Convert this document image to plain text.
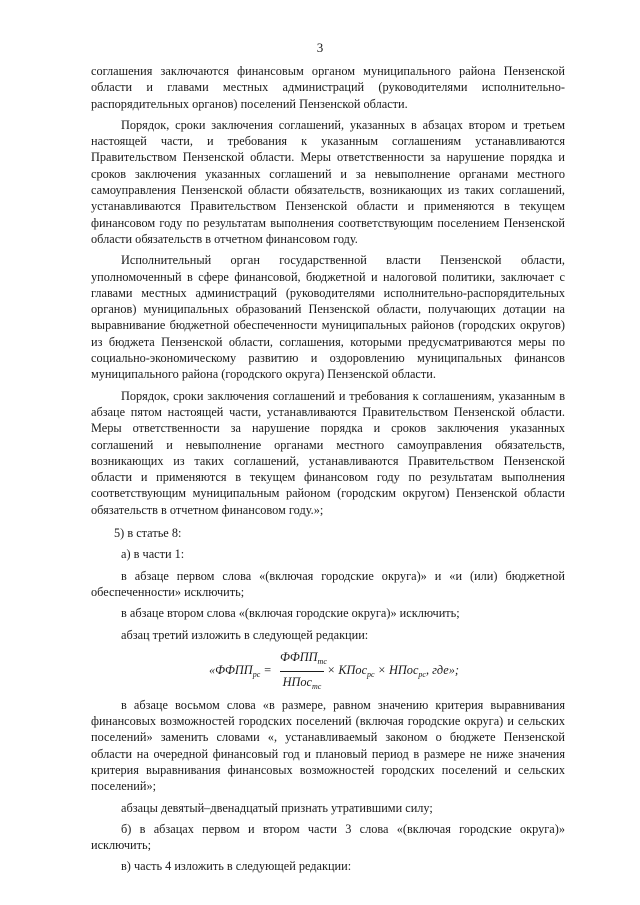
3

соглашения заключаются финансовым органом муниципального района Пензенской области и главами местных администраций (руководителями исполнительно-распорядительных органов) поселений Пензенской области.

Порядок, сроки заключения соглашений, указанных в абзацах втором и третьем настоящей части, и требования к указанным соглашениям устанавливаются Правительством Пензенской области. Меры ответственности за нарушение порядка и сроков заключения указанных соглашений и за невыполнение органами местного самоуправления Пензенской области обязательств, возникающих из таких соглашений, устанавливаются Правительством Пензенской области и применяются в текущем финансовом году по результатам выполнения соответствующим поселением Пензенской области обязательств в отчетном финансовом году.

Исполнительный орган государственной власти Пензенской области, уполномоченный в сфере финансовой, бюджетной и налоговой политики, заключает с главами местных администраций (руководителями исполнительно-распорядительных органов) муниципальных образований Пензенской области, получающих дотации на выравнивание бюджетной обеспеченности муниципальных районов (городских округов) из бюджета Пензенской области, соглашения, которыми предусматриваются меры по социально-экономическому развитию и оздоровлению муниципальных финансов муниципального района (городского округа) Пензенской области.

Порядок, сроки заключения соглашений и требования к соглашениям, указанным в абзаце пятом настоящей части, устанавливаются Правительством Пензенской области. Меры ответственности за нарушение порядка и сроков заключения указанных соглашений и невыполнение органами местного самоуправления обязательств, возникающих из таких соглашений, устанавливаются Правительством Пензенской области и применяются в текущем финансовом году по результатам выполнения соответствующим муниципальным районом (городским округом) Пензенской области обязательств в отчетном финансовом году.»;

5) в статье 8:

а) в части 1:

в абзаце первом слова «(включая городские округа)» и «и (или) бюджетной обеспеченности» исключить;

в абзаце втором слова «(включая городские округа)» исключить;

абзац третий изложить в следующей редакции:

«$ФФПП_{рс}$ =
$ФФПП_{тс}$
НПос$_{тс}$
× КПос$_{рс}$ × НПос$_{рс}$, где»;

в абзаце восьмом слова «в размере, равном значению критерия выравнивания финансовых возможностей городских поселений (включая городские округа) и сельских поселений» заменить словами «, устанавливаемый законом о бюджете Пензенской области на очередной финансовый год и плановый период в размере не ниже значения критерия выравнивания финансовых возможностей городских поселений и сельских поселений»;

абзацы девятый–двенадцатый признать утратившими силу;

б) в абзацах первом и втором части 3 слова «(включая городские округа)» исключить;

в) часть 4 изложить в следующей редакции:
